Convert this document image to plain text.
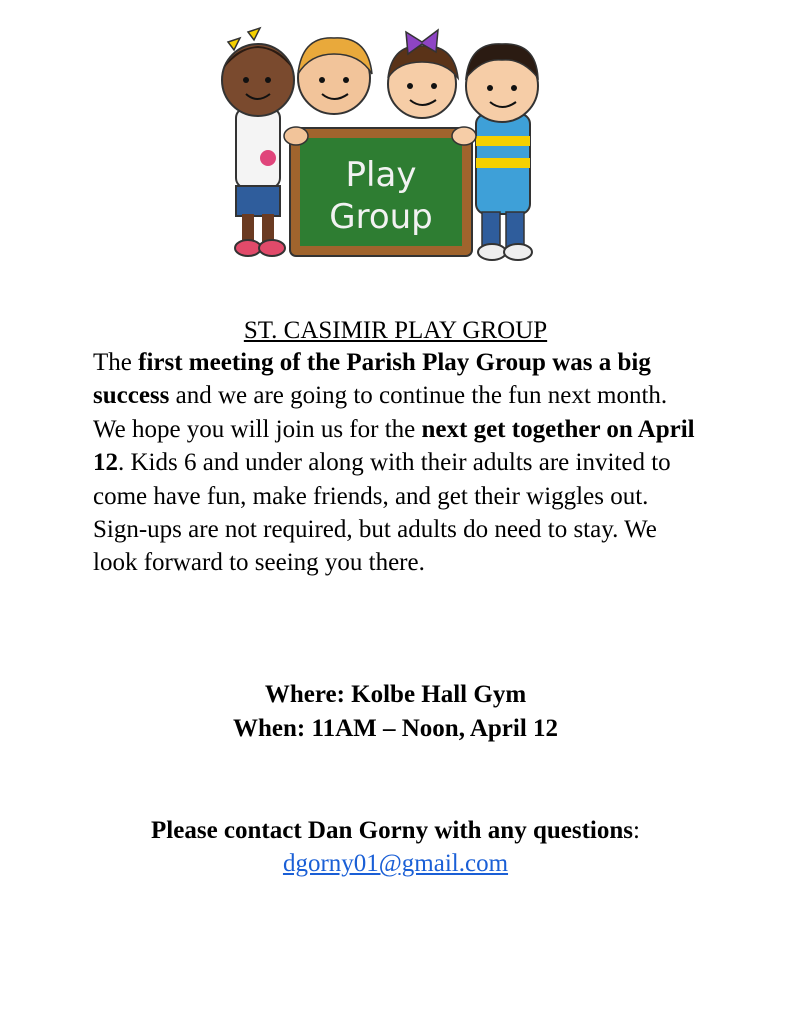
Play
Group
ST. CASIMIR PLAY GROUP

The first meeting of the Parish Play Group was a big success and we are going to continue the fun next month. We hope you will join us for the next get together on April 12. Kids 6 and under along with their adults are invited to come have fun, make friends, and get their wiggles out. Sign-ups are not required, but adults do need to stay. We look forward to seeing you there.

Where: Kolbe Hall Gym
When: 11AM – Noon, April 12
Please contact Dan Gorny with any questions:
dgorny01@gmail.com
